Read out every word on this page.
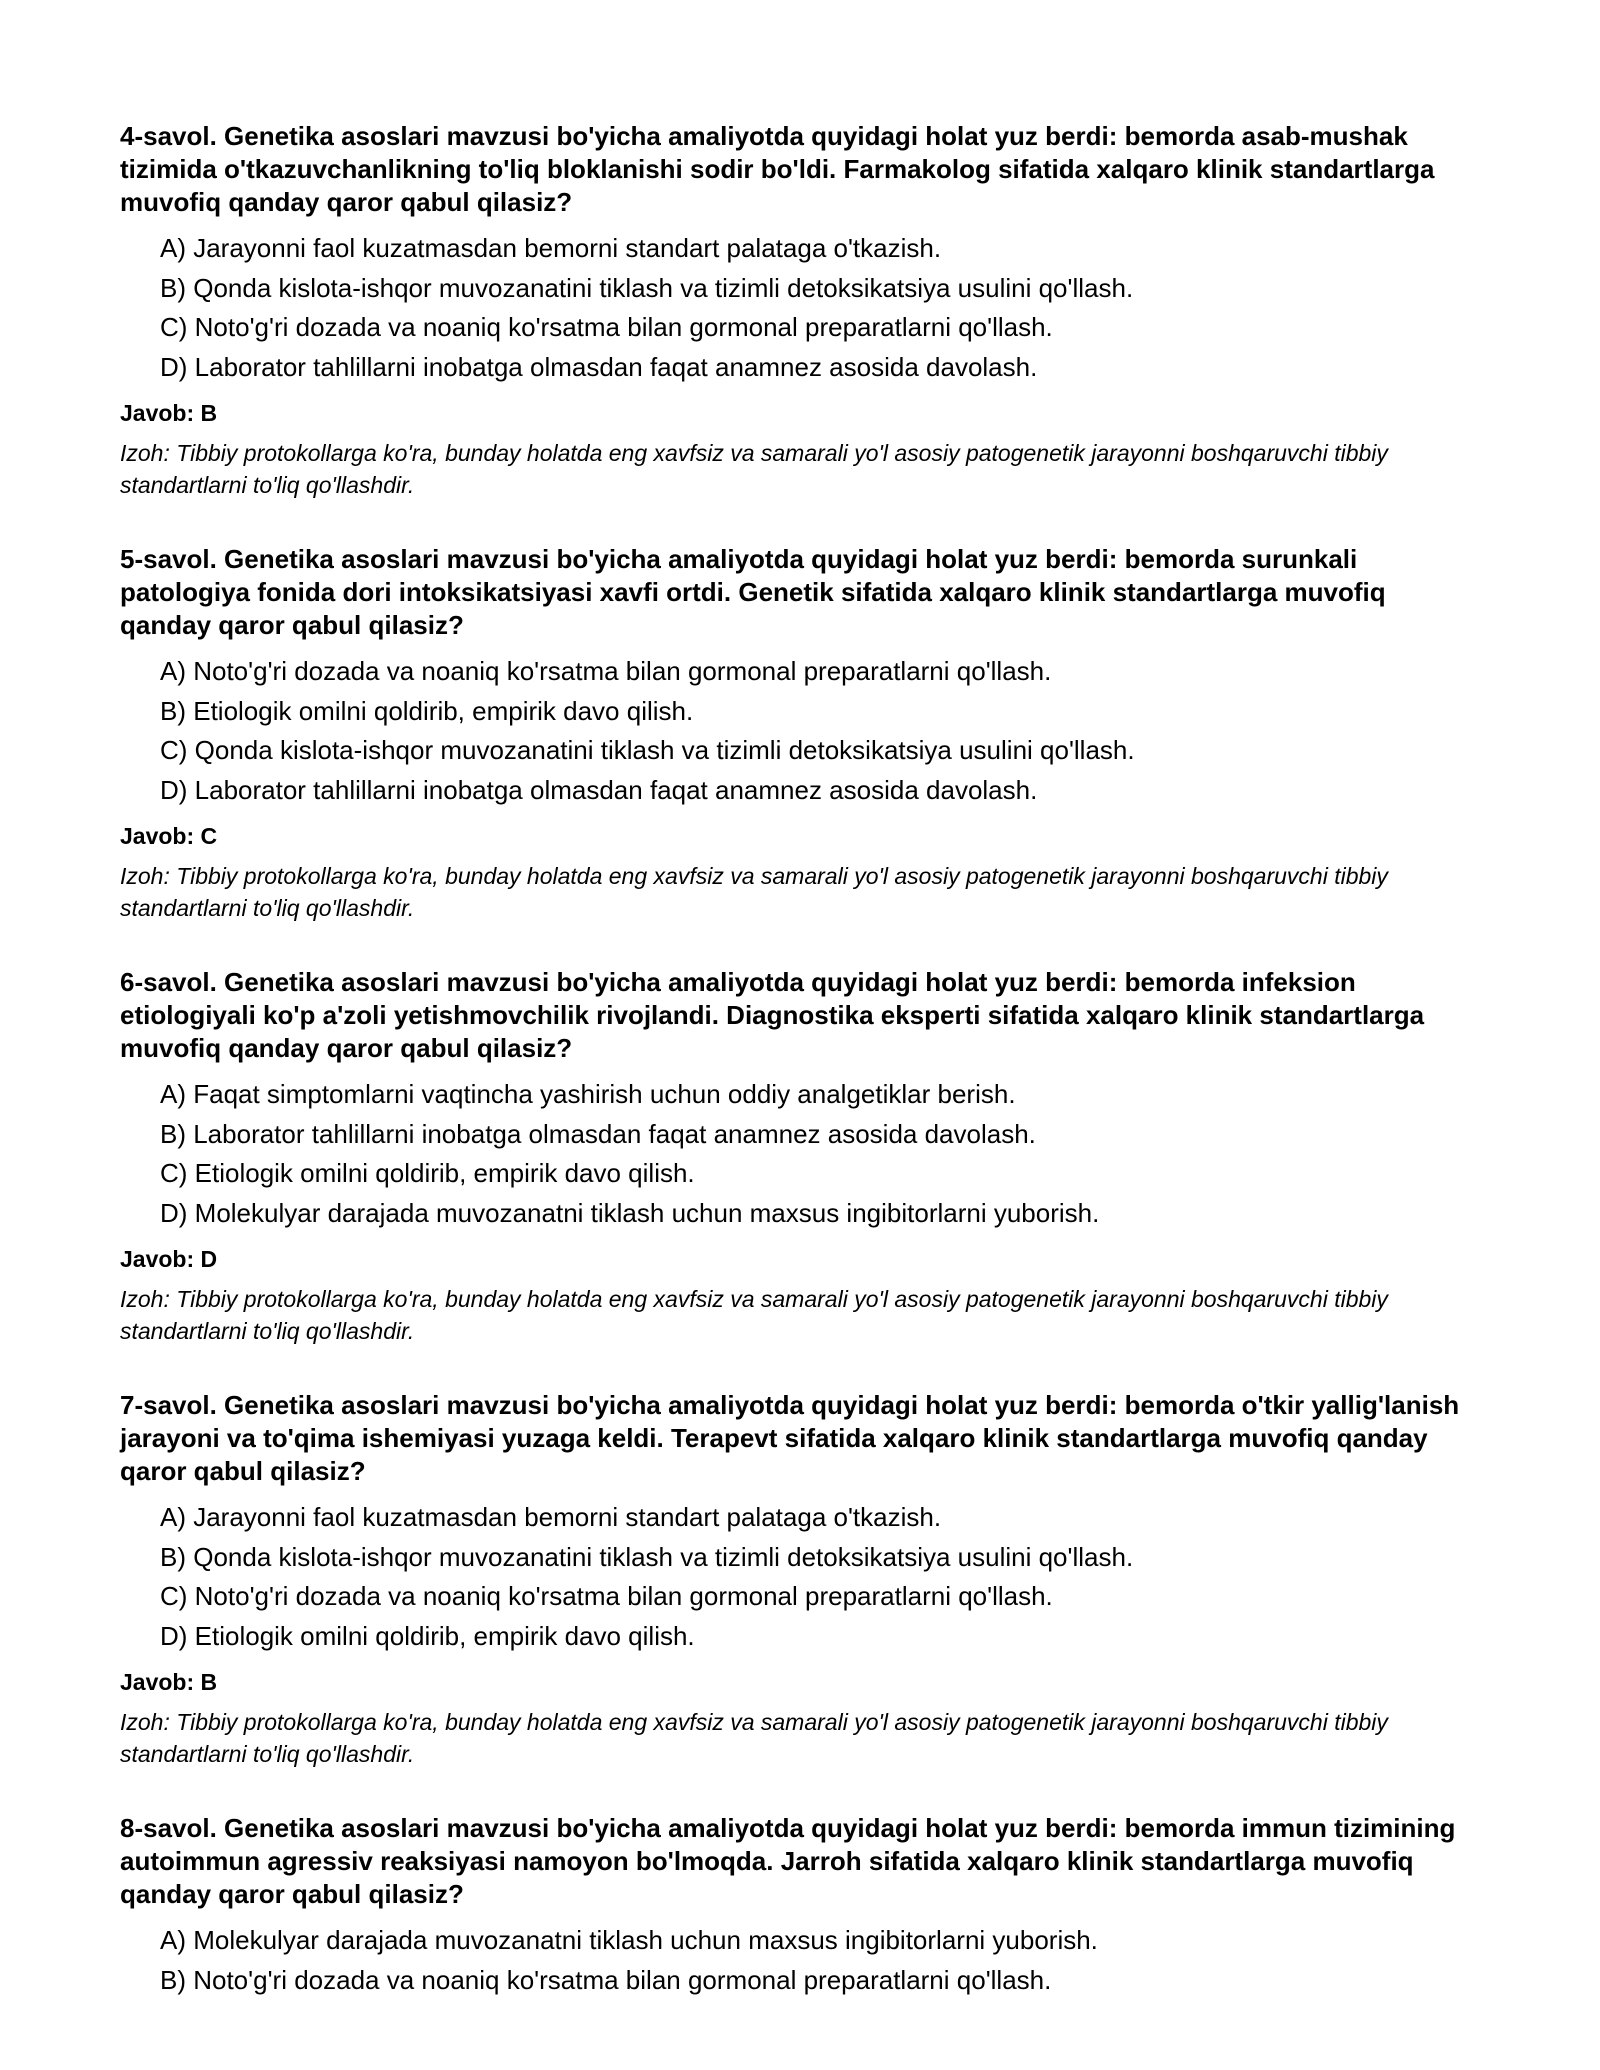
4-savol. Genetika asoslari mavzusi bo'yicha amaliyotda quyidagi holat yuz berdi: bemorda asab-mushak tizimida o'tkazuvchanlikning to'liq bloklanishi sodir bo'ldi. Farmakolog sifatida xalqaro klinik standartlarga muvofiq qanday qaror qabul qilasiz?

A) Jarayonni faol kuzatmasdan bemorni standart palataga o'tkazish.
B) Qonda kislota-ishqor muvozanatini tiklash va tizimli detoksikatsiya usulini qo'llash.
C) Noto'g'ri dozada va noaniq ko'rsatma bilan gormonal preparatlarni qo'llash.
D) Laborator tahlillarni inobatga olmasdan faqat anamnez asosida davolash.

Javob: B

Izoh: Tibbiy protokollarga ko'ra, bunday holatda eng xavfsiz va samarali yo'l asosiy patogenetik jarayonni boshqaruvchi tibbiy standartlarni to'liq qo'llashdir.

5-savol. Genetika asoslari mavzusi bo'yicha amaliyotda quyidagi holat yuz berdi: bemorda surunkali patologiya fonida dori intoksikatsiyasi xavfi ortdi. Genetik sifatida xalqaro klinik standartlarga muvofiq qanday qaror qabul qilasiz?

A) Noto'g'ri dozada va noaniq ko'rsatma bilan gormonal preparatlarni qo'llash.
B) Etiologik omilni qoldirib, empirik davo qilish.
C) Qonda kislota-ishqor muvozanatini tiklash va tizimli detoksikatsiya usulini qo'llash.
D) Laborator tahlillarni inobatga olmasdan faqat anamnez asosida davolash.

Javob: C

Izoh: Tibbiy protokollarga ko'ra, bunday holatda eng xavfsiz va samarali yo'l asosiy patogenetik jarayonni boshqaruvchi tibbiy standartlarni to'liq qo'llashdir.

6-savol. Genetika asoslari mavzusi bo'yicha amaliyotda quyidagi holat yuz berdi: bemorda infeksion etiologiyali ko'p a'zoli yetishmovchilik rivojlandi. Diagnostika eksperti sifatida xalqaro klinik standartlarga muvofiq qanday qaror qabul qilasiz?

A) Faqat simptomlarni vaqtincha yashirish uchun oddiy analgetiklar berish.
B) Laborator tahlillarni inobatga olmasdan faqat anamnez asosida davolash.
C) Etiologik omilni qoldirib, empirik davo qilish.
D) Molekulyar darajada muvozanatni tiklash uchun maxsus ingibitorlarni yuborish.

Javob: D

Izoh: Tibbiy protokollarga ko'ra, bunday holatda eng xavfsiz va samarali yo'l asosiy patogenetik jarayonni boshqaruvchi tibbiy standartlarni to'liq qo'llashdir.

7-savol. Genetika asoslari mavzusi bo'yicha amaliyotda quyidagi holat yuz berdi: bemorda o'tkir yallig'lanish jarayoni va to'qima ishemiyasi yuzaga keldi. Terapevt sifatida xalqaro klinik standartlarga muvofiq qanday qaror qabul qilasiz?

A) Jarayonni faol kuzatmasdan bemorni standart palataga o'tkazish.
B) Qonda kislota-ishqor muvozanatini tiklash va tizimli detoksikatsiya usulini qo'llash.
C) Noto'g'ri dozada va noaniq ko'rsatma bilan gormonal preparatlarni qo'llash.
D) Etiologik omilni qoldirib, empirik davo qilish.

Javob: B

Izoh: Tibbiy protokollarga ko'ra, bunday holatda eng xavfsiz va samarali yo'l asosiy patogenetik jarayonni boshqaruvchi tibbiy standartlarni to'liq qo'llashdir.

8-savol. Genetika asoslari mavzusi bo'yicha amaliyotda quyidagi holat yuz berdi: bemorda immun tizimining autoimmun agressiv reaksiyasi namoyon bo'lmoqda. Jarroh sifatida xalqaro klinik standartlarga muvofiq qanday qaror qabul qilasiz?

A) Molekulyar darajada muvozanatni tiklash uchun maxsus ingibitorlarni yuborish.
B) Noto'g'ri dozada va noaniq ko'rsatma bilan gormonal preparatlarni qo'llash.
